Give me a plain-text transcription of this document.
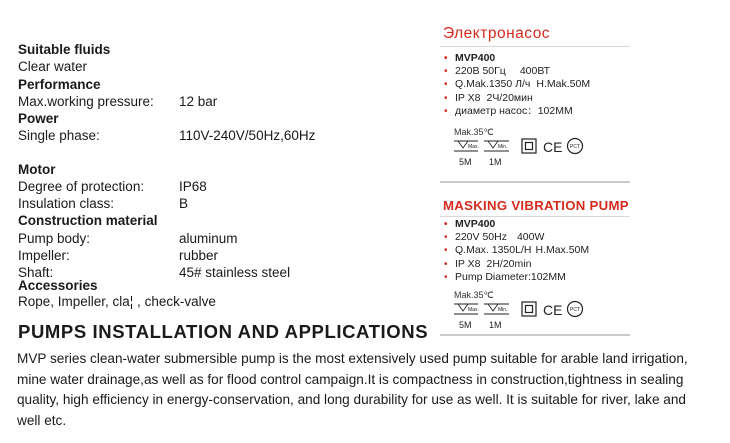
Suitable fluids
Clear water
Performance
Max.working pressure: 12 bar
Power
Single phase:	110V-240V/50Hz,60Hz
Motor
Degree of protection:	IP68
Insulation class:	B
Construction material
Pump body:	aluminum
Impeller:	rubber
Shaft:	45# stainless steel
Accessories
Rope, Impeller, cla¦ , check-valve
PUMPS INSTALLATION AND APPLICATIONS
MVP series clean-water submersible pump is the most extensively used pump suitable for arable land irrigation,
mine water drainage,as well as for flood control campaign.It is compactness in construction,tightness in sealing
quality, high efficiency in energy-conservation, and long durability for use as well. It is suitable for river, lake and
well etc.
Электронасос
• MVP400
• 220В 50Гц 400ВТ
• Q.Mak.1350 Л/ч H.Mak.50M
• IP X8 2Ч/20мин
• диаметр насос：102MM
Mak.35℃
Max.	Min.	CE PCT
5M 1M
MASKING VIBRATION PUMP
• MVP400
• 220V 50Hz 400W
• Q.Max. 1350L/H H.Max.50M
• IP X8 2H/20min
• Pump Diameter:102MM
Mak.35℃
Max.	Min.	CE PCT
5M 1M
